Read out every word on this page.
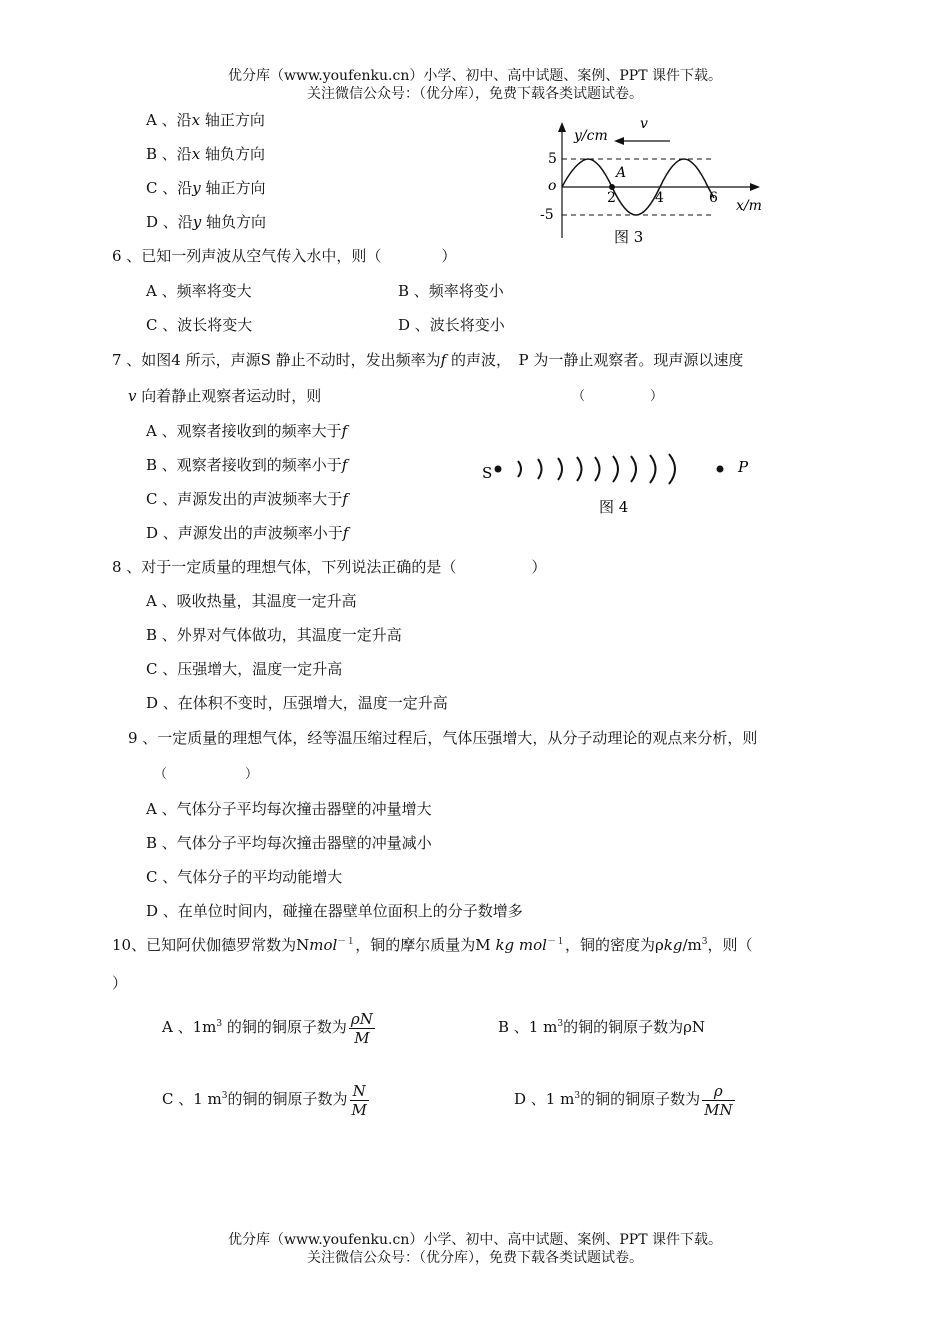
优分库（www.youfenku.cn）小学、初中、高中试题、案例、PPT 课件下载。
关注微信公众号：（优分库），免费下载各类试题试卷。
A 、沿x 轴正方向
B 、沿x 轴负方向
C 、沿y 轴正方向
D 、沿y 轴负方向
v
y/cm
x/m
o
5
-5
2	4	6
A
图 3
6 、已知一列声波从空气传入水中，则（　　　　）
A 、频率将变大	B 、频率将变小
C 、波长将变大	D 、波长将变小
7 、如图4 所示，声源S 静止不动时，发出频率为f 的声波，　P 为一静止观察者。现声源以速度
v 向着静止观察者运动时，则	（　　　　　）
A 、观察者接收到的频率大于f
B 、观察者接收到的频率小于f
C 、声源发出的声波频率大于f
D 、声源发出的声波频率小于f
S	P
图 4
8 、对于一定质量的理想气体，下列说法正确的是（　　　　　）
A 、吸收热量，其温度一定升高
B 、外界对气体做功，其温度一定升高
C 、压强增大，温度一定升高
D 、在体积不变时，压强增大，温度一定升高
9 、一定质量的理想气体，经等温压缩过程后，气体压强增大，从分子动理论的观点来分析，则
（　　　　　　）
A 、气体分子平均每次撞击器壁的冲量增大
B 、气体分子平均每次撞击器壁的冲量减小
C 、气体分子的平均动能增大
D 、在单位时间内，碰撞在器壁单位面积上的分子数增多
10、已知阿伏伽德罗常数为Nmol$^{-1}$，铜的摩尔质量为M kg mol$^{-1}$，铜的密度为ρkg/$m^3$，则（
）
A 、$1m^3$ 的铜的铜原子数为 $\frac{\rho N}{M}$	B 、1 $m^3$的铜的铜原子数为ρN
C 、1 $m^3$的铜的铜原子数为 $\frac{N}{M}$	D 、1 $m^3$的铜的铜原子数为 $\frac{\rho}{MN}$
优分库（www.youfenku.cn）小学、初中、高中试题、案例、PPT 课件下载。
关注微信公众号：（优分库），免费下载各类试题试卷。
